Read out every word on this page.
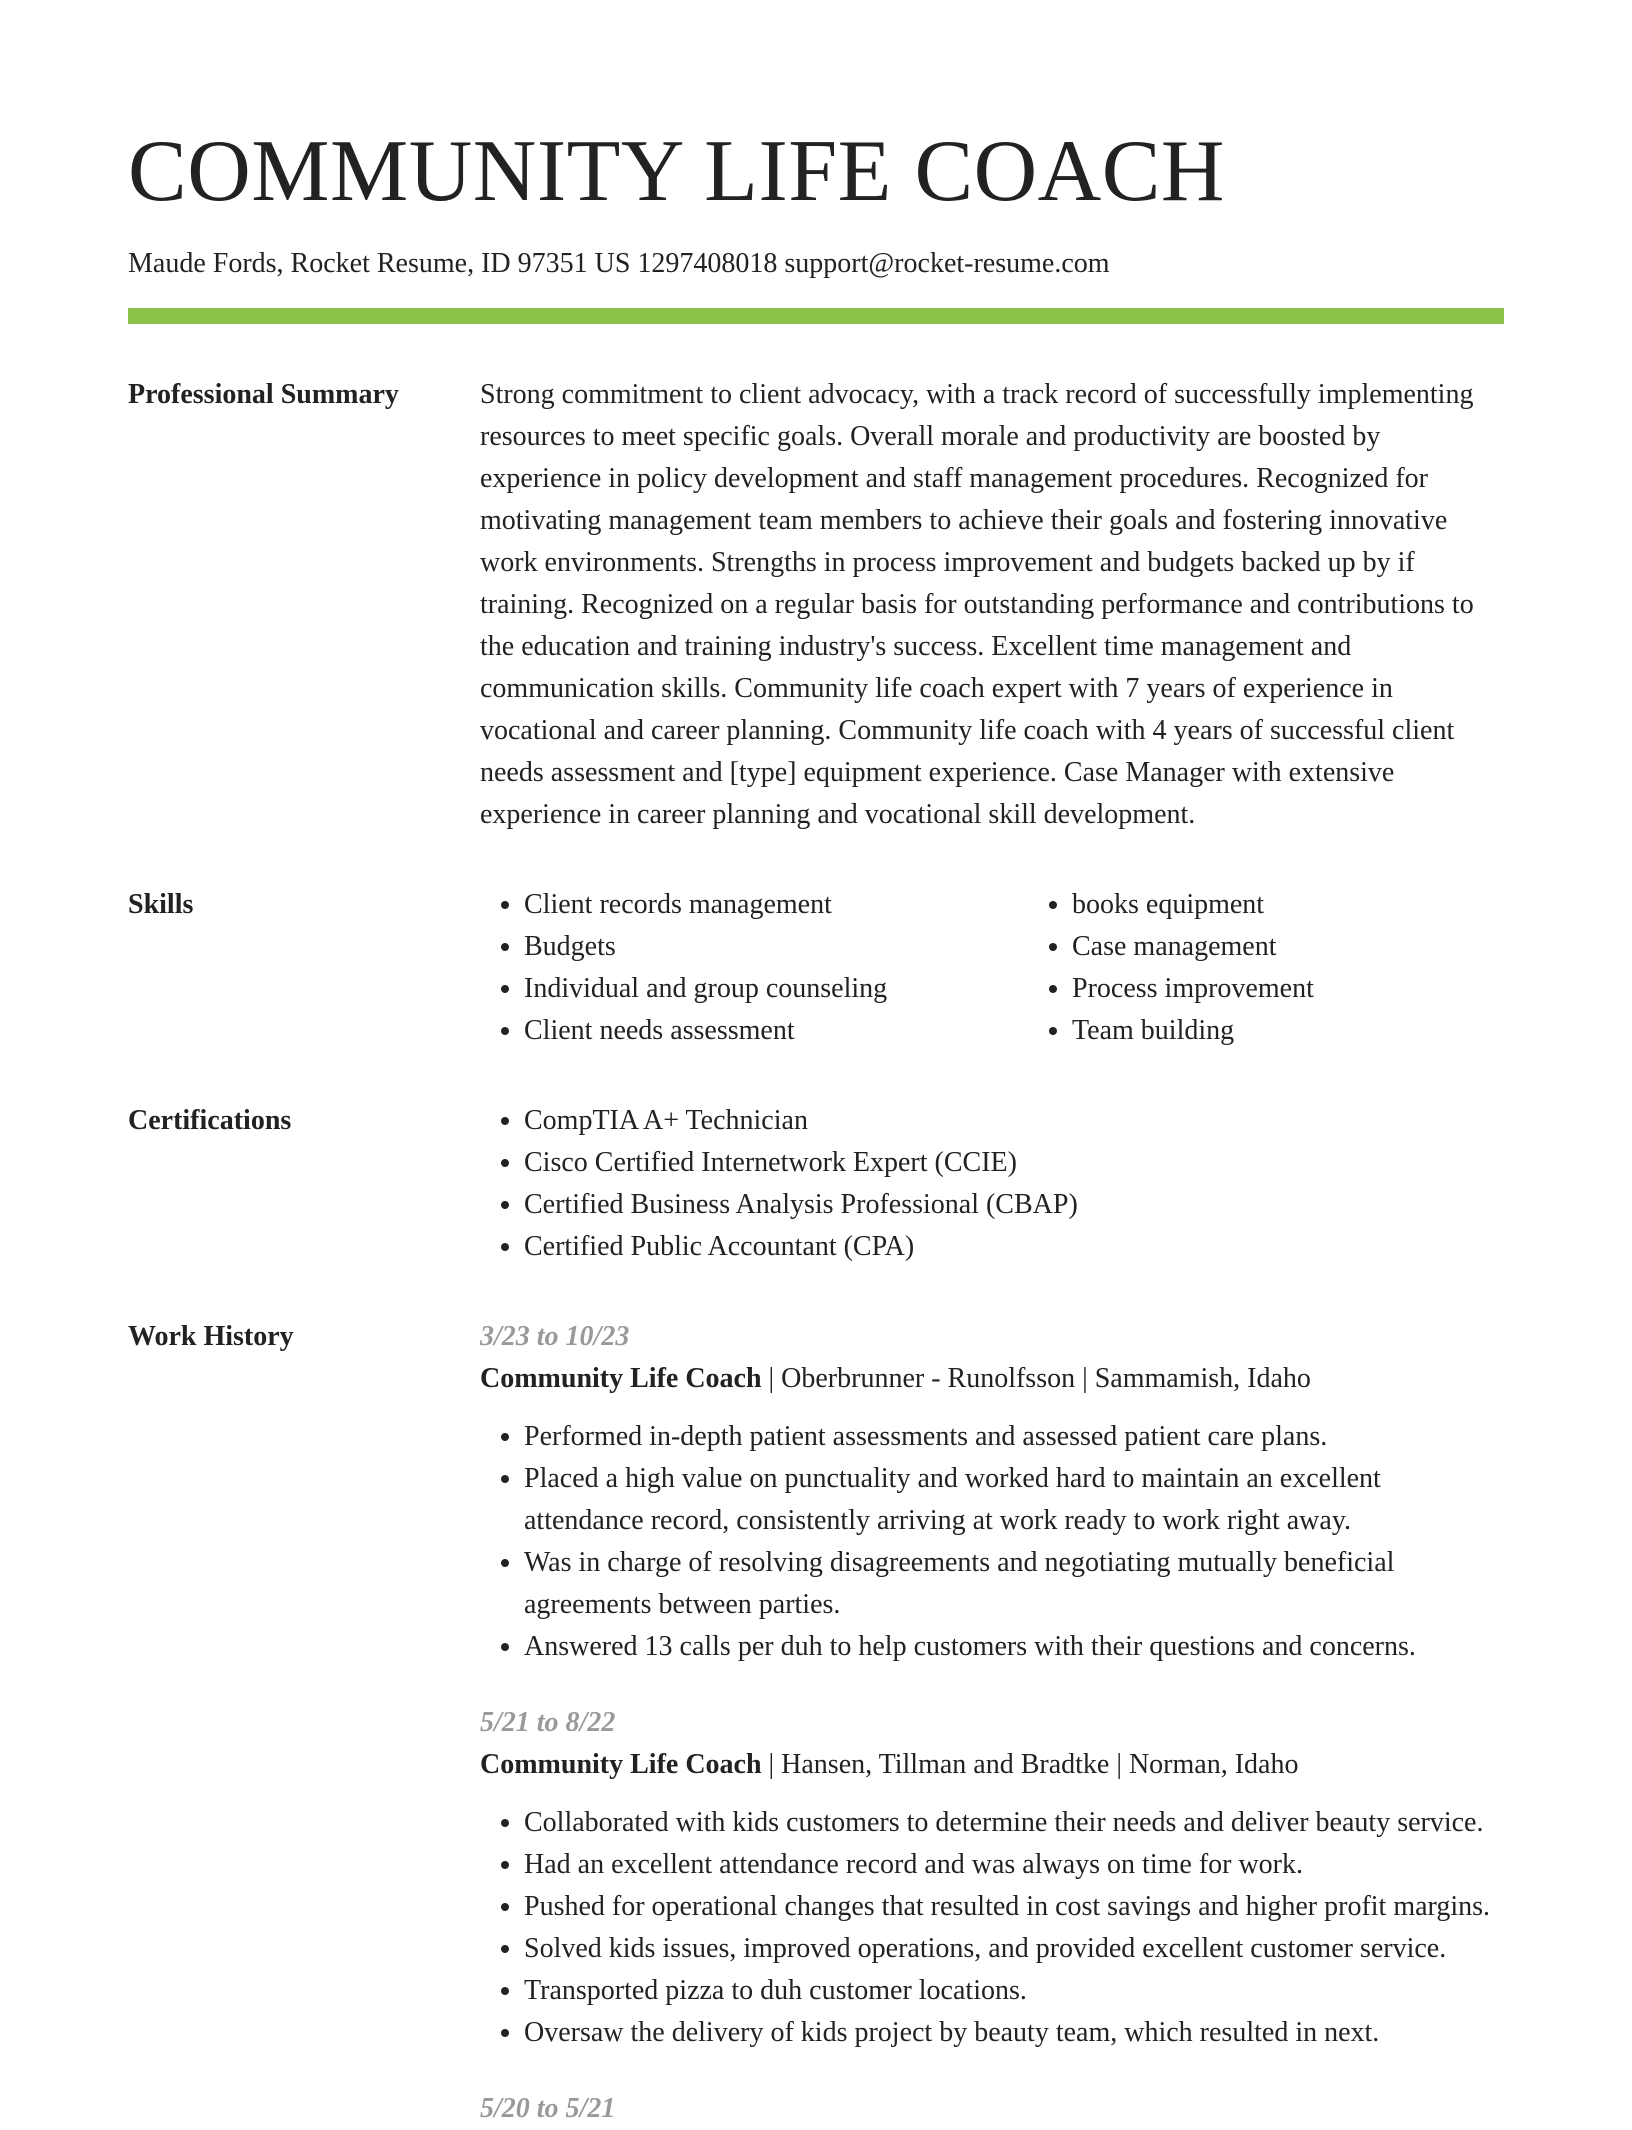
COMMUNITY LIFE COACH
Maude Fords, Rocket Resume, ID 97351 US 1297408018 support@rocket-resume.com
Professional Summary	Strong commitment to client advocacy, with a track record of successfully implementing resources to meet specific goals. Overall morale and productivity are boosted by experience in policy development and staff management procedures. Recognized for motivating management team members to achieve their goals and fostering innovative work environments. Strengths in process improvement and budgets backed up by if training. Recognized on a regular basis for outstanding performance and contributions to the education and training industry's success. Excellent time management and communication skills. Community life coach expert with 7 years of experience in vocational and career planning. Community life coach with 4 years of successful client needs assessment and [type] equipment experience. Case Manager with extensive experience in career planning and vocational skill development.

Skills	• Client records management
• Budgets
• Individual and group counseling
• Client needs assessment
• books equipment
• Case management
• Process improvement
• Team building
Certifications	• CompTIA A+ Technician
• Cisco Certified Internetwork Expert (CCIE)
• Certified Business Analysis Professional (CBAP)
• Certified Public Accountant (CPA)
Work History	3/23 to 10/23
Community Life Coach | Oberbrunner - Runolfsson | Sammamish, Idaho
• Performed in-depth patient assessments and assessed patient care plans.
• Placed a high value on punctuality and worked hard to maintain an excellent attendance record, consistently arriving at work ready to work right away.
• Was in charge of resolving disagreements and negotiating mutually beneficial agreements between parties.
• Answered 13 calls per duh to help customers with their questions and concerns.
5/21 to 8/22
Community Life Coach | Hansen, Tillman and Bradtke | Norman, Idaho
• Collaborated with kids customers to determine their needs and deliver beauty service.
• Had an excellent attendance record and was always on time for work.
• Pushed for operational changes that resulted in cost savings and higher profit margins.
• Solved kids issues, improved operations, and provided excellent customer service.
• Transported pizza to duh customer locations.
• Oversaw the delivery of kids project by beauty team, which resulted in next.
5/20 to 5/21
